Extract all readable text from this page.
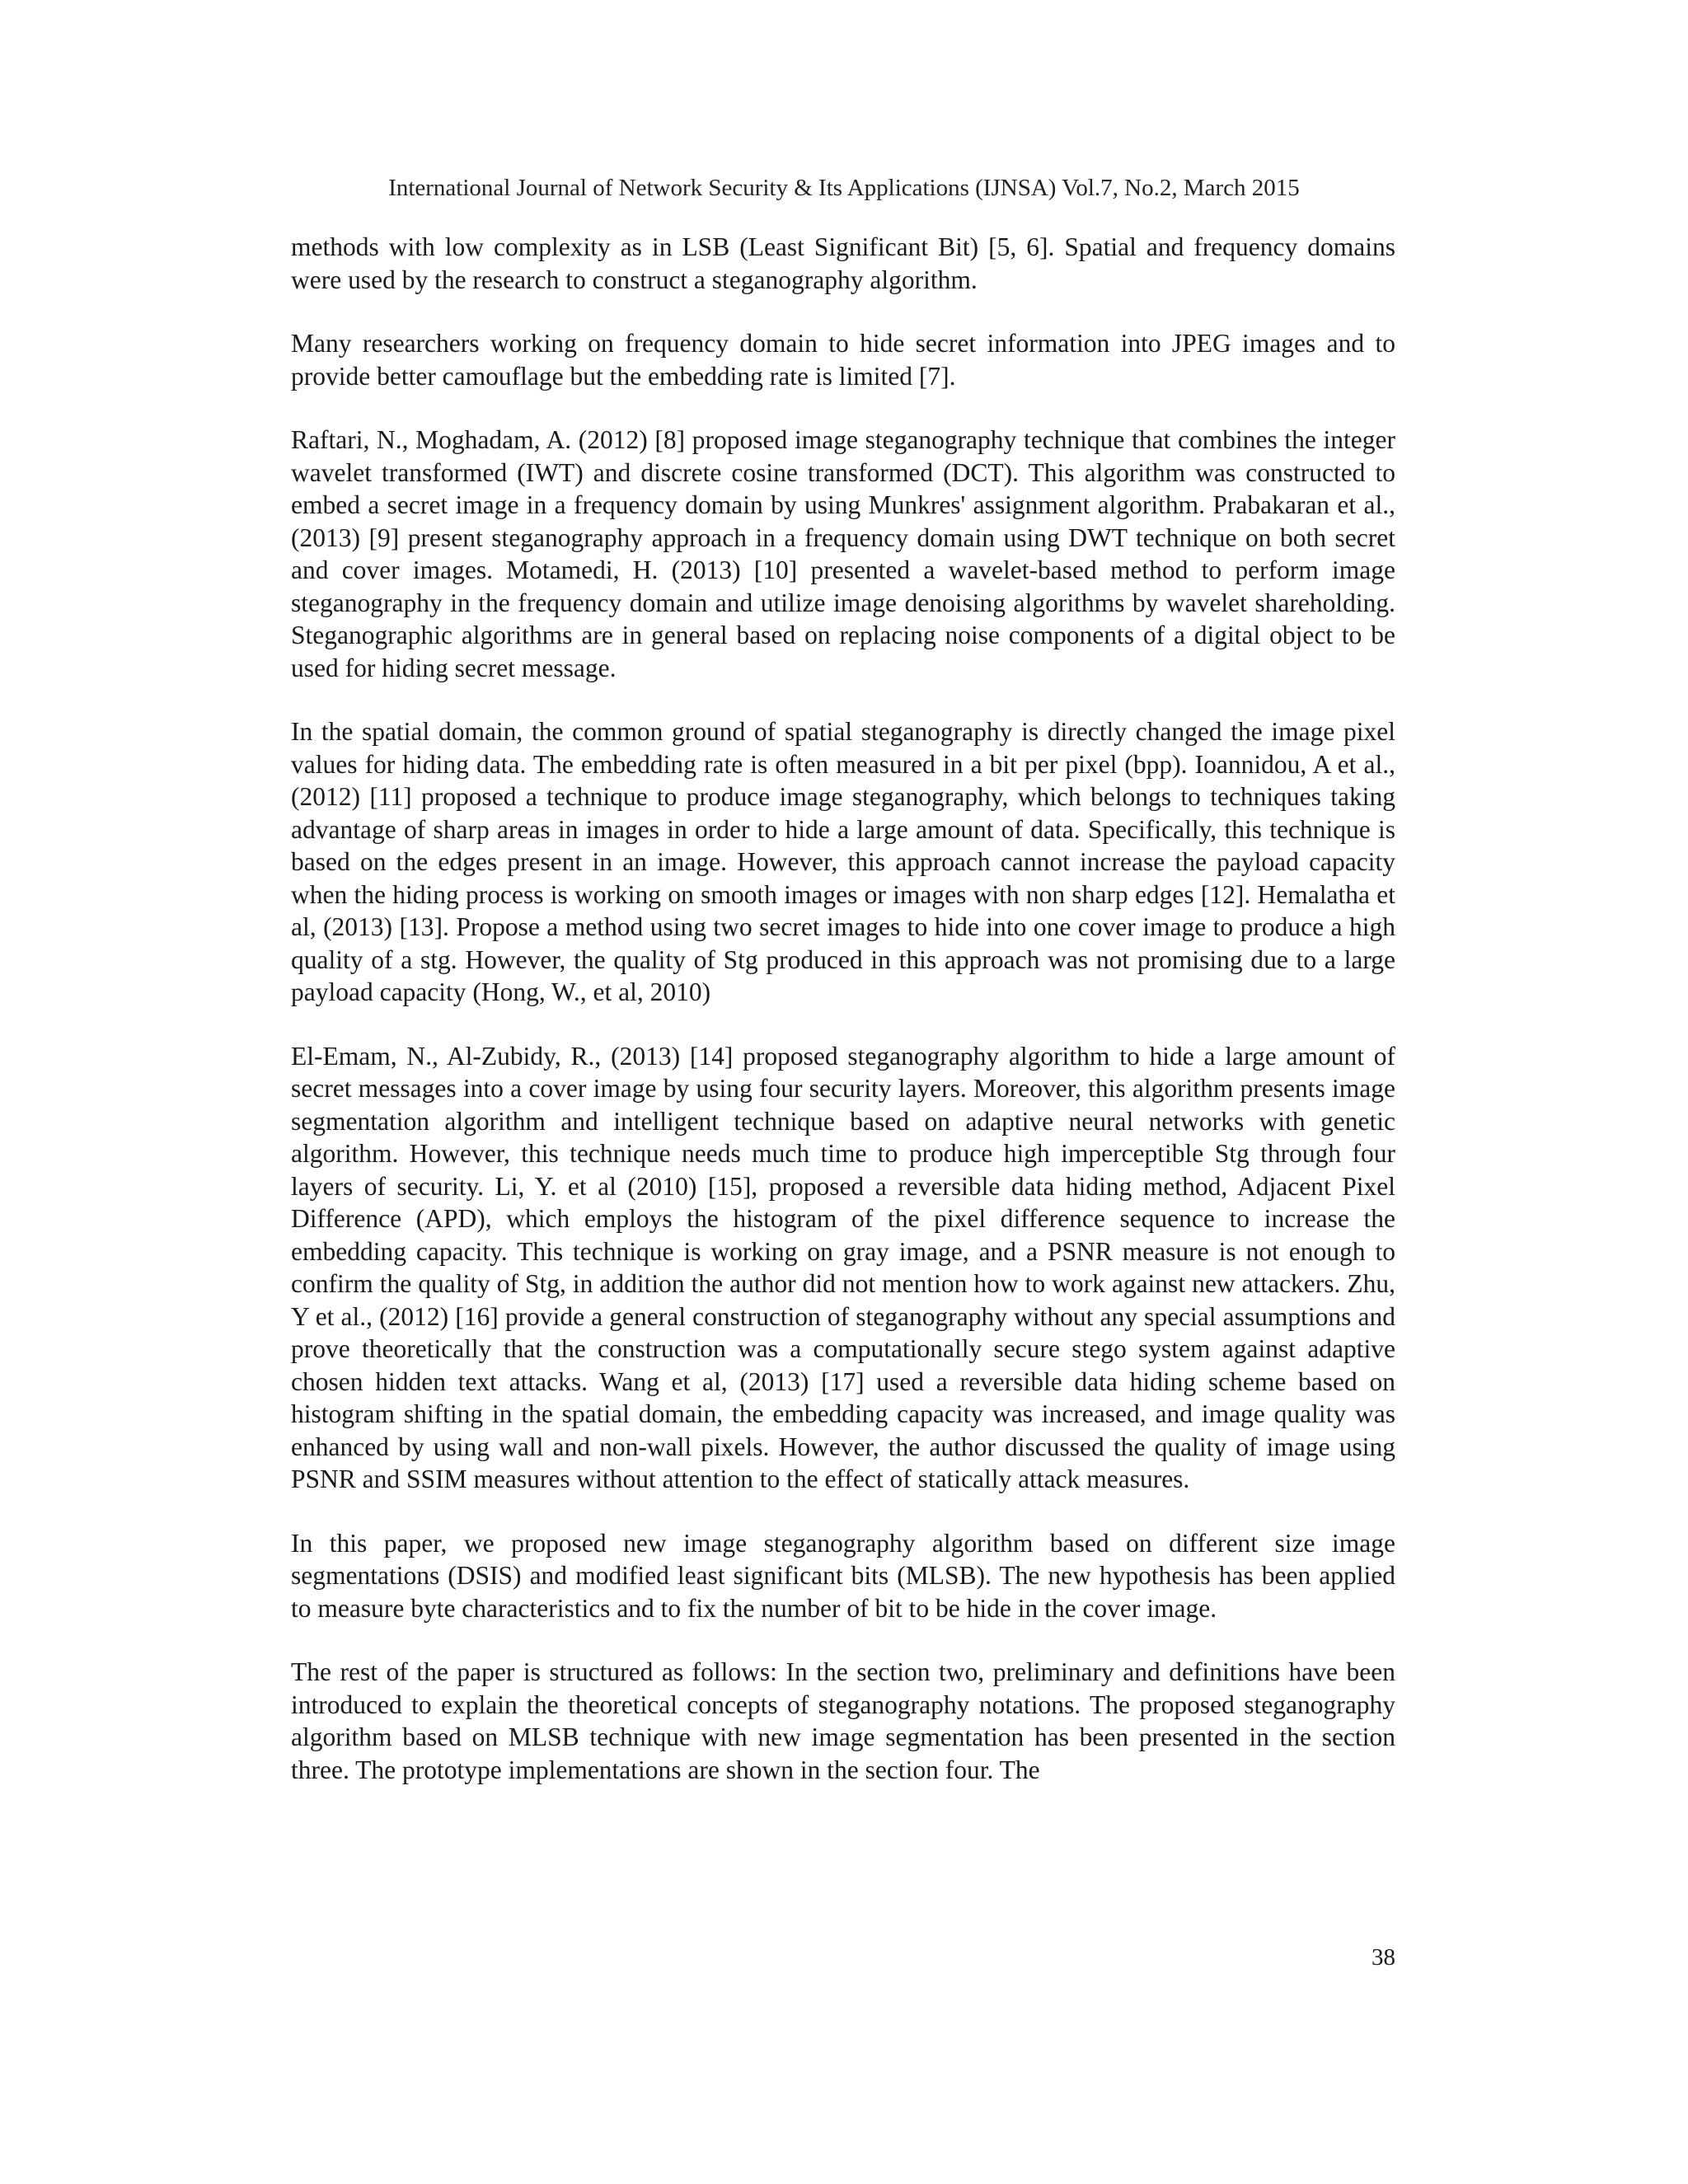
International Journal of Network Security & Its Applications (IJNSA) Vol.7, No.2, March 2015

methods with low complexity as in LSB (Least Significant Bit) [5, 6]. Spatial and frequency domains were used by the research to construct a steganography algorithm.

Many researchers working on frequency domain to hide secret information into JPEG images and to provide better camouflage but the embedding rate is limited [7].

Raftari, N., Moghadam, A. (2012) [8] proposed image steganography technique that combines the integer wavelet transformed (IWT) and discrete cosine transformed (DCT). This algorithm was constructed to embed a secret image in a frequency domain by using Munkres' assignment algorithm. Prabakaran et al., (2013) [9] present steganography approach in a frequency domain using DWT technique on both secret and cover images. Motamedi, H. (2013) [10] presented a wavelet-based method to perform image steganography in the frequency domain and utilize image denoising algorithms by wavelet shareholding. Steganographic algorithms are in general based on replacing noise components of a digital object to be used for hiding secret message.

In the spatial domain, the common ground of spatial steganography is directly changed the image pixel values for hiding data. The embedding rate is often measured in a bit per pixel (bpp). Ioannidou, A et al., (2012) [11] proposed a technique to produce image steganography, which belongs to techniques taking advantage of sharp areas in images in order to hide a large amount of data. Specifically, this technique is based on the edges present in an image. However, this approach cannot increase the payload capacity when the hiding process is working on smooth images or images with non sharp edges [12]. Hemalatha et al, (2013) [13]. Propose a method using two secret images to hide into one cover image to produce a high quality of a stg. However, the quality of Stg produced in this approach was not promising due to a large payload capacity (Hong, W., et al, 2010)

El-Emam, N., Al-Zubidy, R., (2013) [14] proposed steganography algorithm to hide a large amount of secret messages into a cover image by using four security layers. Moreover, this algorithm presents image segmentation algorithm and intelligent technique based on adaptive neural networks with genetic algorithm. However, this technique needs much time to produce high imperceptible Stg through four layers of security. Li, Y. et al (2010) [15], proposed a reversible data hiding method, Adjacent Pixel Difference (APD), which employs the histogram of the pixel difference sequence to increase the embedding capacity. This technique is working on gray image, and a PSNR measure is not enough to confirm the quality of Stg, in addition the author did not mention how to work against new attackers. Zhu, Y et al., (2012) [16] provide a general construction of steganography without any special assumptions and prove theoretically that the construction was a computationally secure stego system against adaptive chosen hidden text attacks. Wang et al, (2013) [17] used a reversible data hiding scheme based on histogram shifting in the spatial domain, the embedding capacity was increased, and image quality was enhanced by using wall and non-wall pixels. However, the author discussed the quality of image using PSNR and SSIM measures without attention to the effect of statically attack measures.

In this paper, we proposed new image steganography algorithm based on different size image segmentations (DSIS) and modified least significant bits (MLSB). The new hypothesis has been applied to measure byte characteristics and to fix the number of bit to be hide in the cover image.

The rest of the paper is structured as follows: In the section two, preliminary and definitions have been introduced to explain the theoretical concepts of steganography notations. The proposed steganography algorithm based on MLSB technique with new image segmentation has been presented in the section three. The prototype implementations are shown in the section four. The

38
